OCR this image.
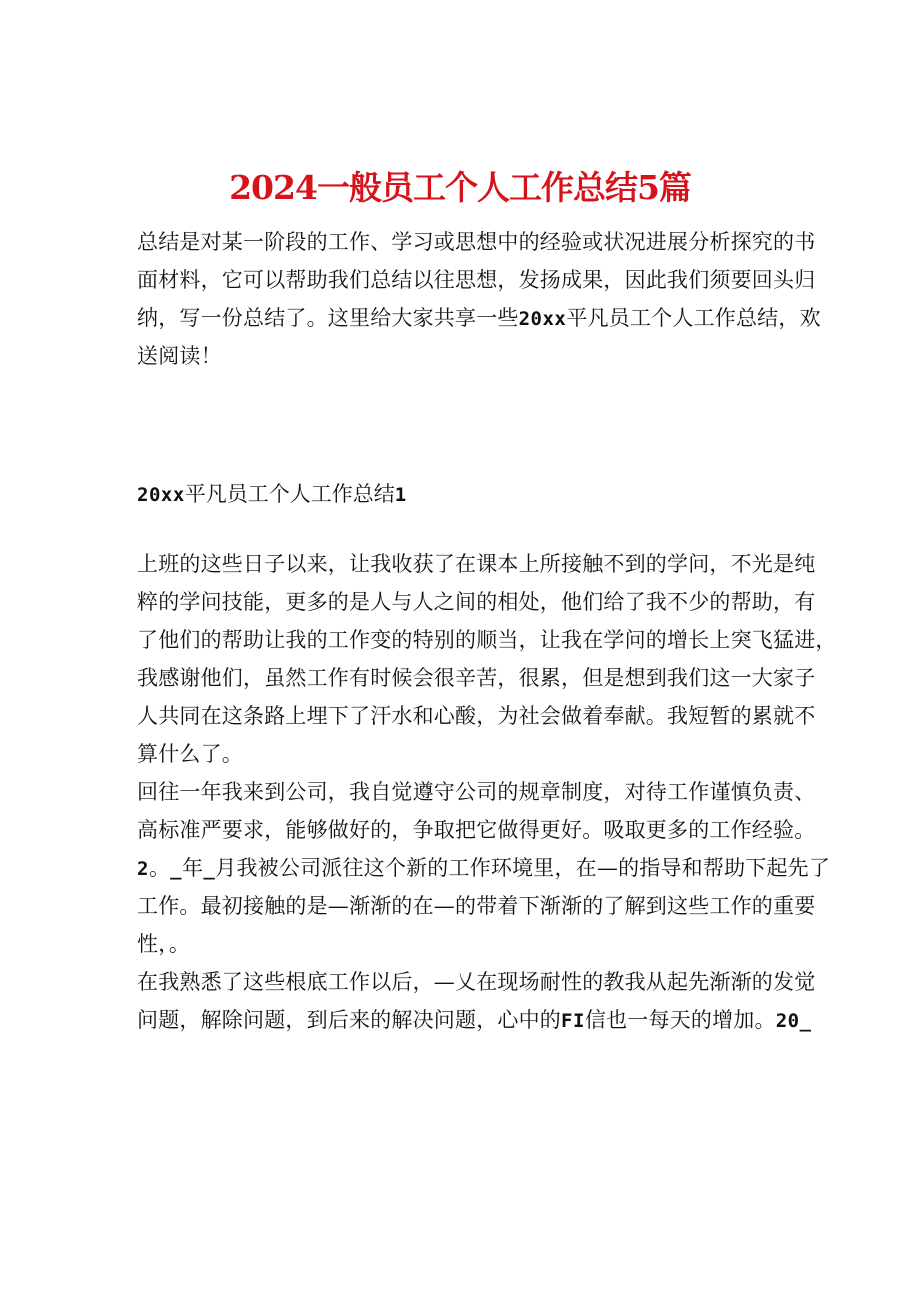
2024一般员工个人工作总结5篇
总结是对某一阶段的工作、学习或思想中的经验或状况进展分析探究的书
面材料，它可以帮助我们总结以往思想，发扬成果，因此我们须要回头归
纳，写一份总结了。这里给大家共享一些20xx平凡员工个人工作总结，欢
送阅读！
20xx平凡员工个人工作总结1
上班的这些日子以来，让我收获了在课本上所接触不到的学问，不光是纯
粹的学问技能，更多的是人与人之间的相处，他们给了我不少的帮助，有
了他们的帮助让我的工作变的特别的顺当，让我在学问的增长上突飞猛进，
我感谢他们，虽然工作有时候会很辛苦，很累，但是想到我们这一大家子
人共同在这条路上埋下了汗水和心酸，为社会做着奉献。我短暂的累就不
算什么了。
回往一年我来到公司，我自觉遵守公司的规章制度，对待工作谨慎负责、
高标准严要求，能够做好的，争取把它做得更好。吸取更多的工作经验。
2。_年_月我被公司派往这个新的工作环境里，在—的指导和帮助下起先了
工作。最初接触的是—渐渐的在—的带着下渐渐的了解到这些工作的重要
性，。
在我熟悉了这些根底工作以后，—乂在现场耐性的教我从起先渐渐的发觉
问题，解除问题，到后来的解决问题，心中的FI信也一每天的增加。20_
